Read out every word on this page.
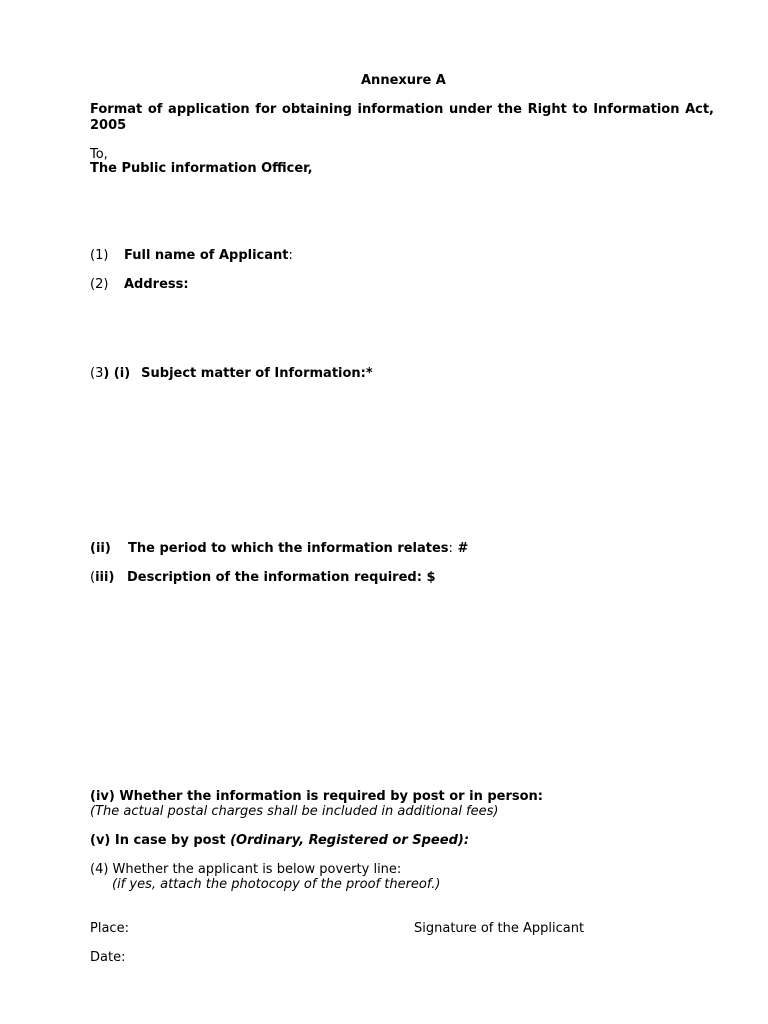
Annexure A
Format of application for obtaining information under the Right to Information Act, 2005
To,
The Public information Officer,
(1) Full name of Applicant:
(2) Address:
(3) (i) Subject matter of Information:*
(ii) The period to which the information relates: #
(iii) Description of the information required: $
(iv) Whether the information is required by post or in person:
(The actual postal charges shall be included in additional fees)
(v) In case by post (Ordinary, Registered or Speed):
(4) Whether the applicant is below poverty line:
(if yes, attach the photocopy of the proof thereof.)
Place:	Signature of the Applicant
Date:
